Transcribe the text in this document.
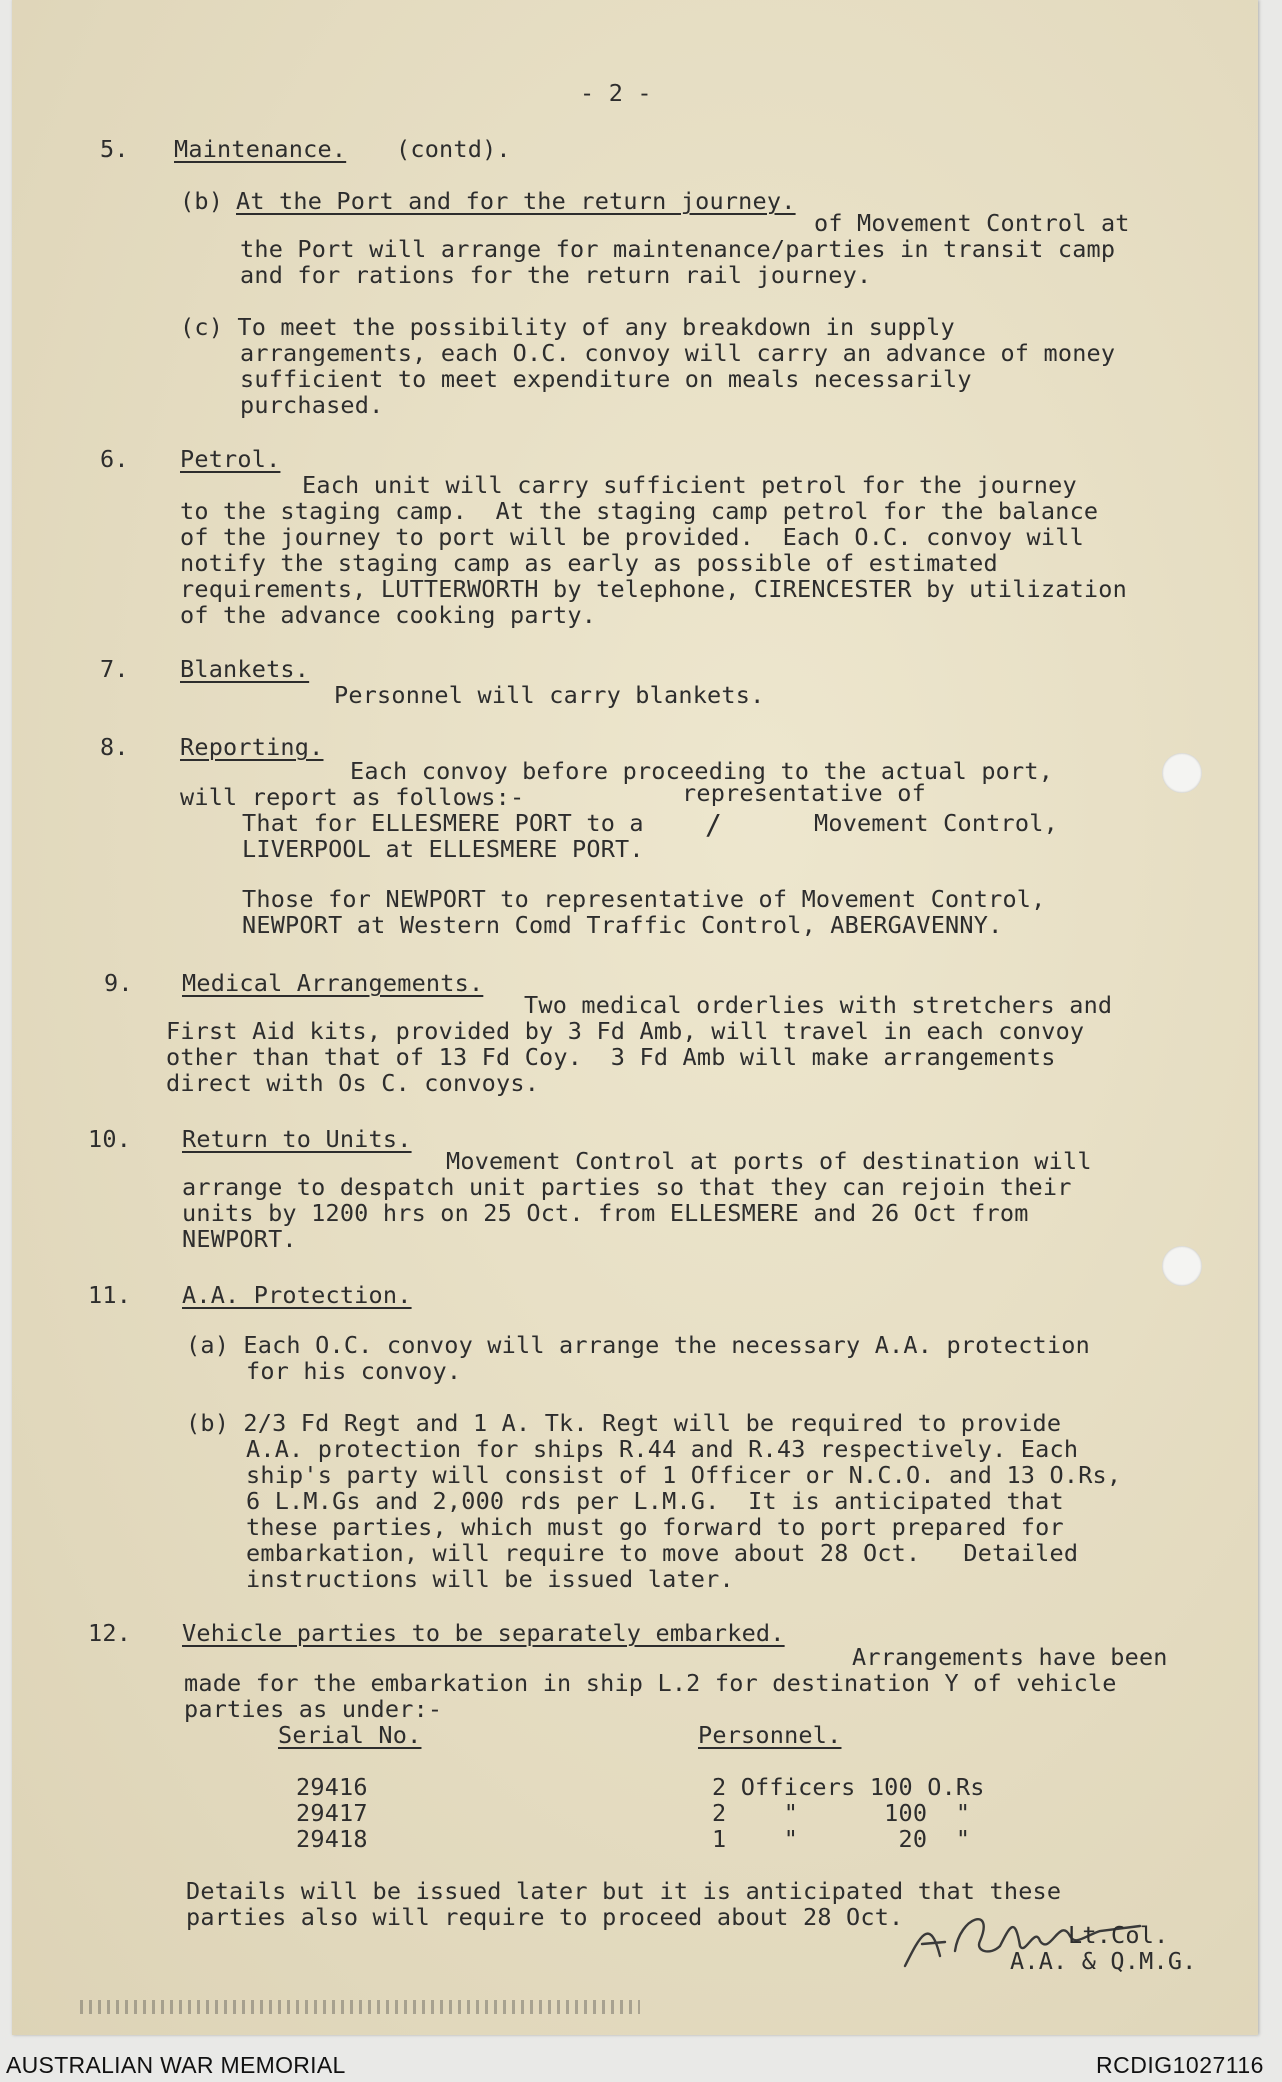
- 2 -
5. Maintenance. (contd).
(b) At the Port and for the return journey.
of Movement Control at
the Port will arrange for maintenance/parties in transit camp
and for rations for the return rail journey.
(c) To meet the possibility of any breakdown in supply
arrangements, each O.C. convoy will carry an advance of money
sufficient to meet expenditure on meals necessarily
purchased.
6. Petrol.
Each unit will carry sufficient petrol for the journey
to the staging camp.  At the staging camp petrol for the balance
of the journey to port will be provided.  Each O.C. convoy will
notify the staging camp as early as possible of estimated
requirements, LUTTERWORTH by telephone, CIRENCESTER by utilization
of the advance cooking party.
7. Blankets.
Personnel will carry blankets.
8. Reporting.
Each convoy before proceeding to the actual port,
will report as follows:-	representative of
That for ELLESMERE PORT to a /	Movement Control,
LIVERPOOL at ELLESMERE PORT.
Those for NEWPORT to representative of Movement Control,
NEWPORT at Western Comd Traffic Control, ABERGAVENNY.
9. Medical Arrangements.
Two medical orderlies with stretchers and
First Aid kits, provided by 3 Fd Amb, will travel in each convoy
other than that of 13 Fd Coy.  3 Fd Amb will make arrangements
direct with Os C. convoys.
10. Return to Units.
Movement Control at ports of destination will
arrange to despatch unit parties so that they can rejoin their
units by 1200 hrs on 25 Oct. from ELLESMERE and 26 Oct from
NEWPORT.
11. A.A. Protection.
(a) Each O.C. convoy will arrange the necessary A.A. protection
for his convoy.
(b) 2/3 Fd Regt and 1 A. Tk. Regt will be required to provide
A.A. protection for ships R.44 and R.43 respectively. Each
ship's party will consist of 1 Officer or N.C.O. and 13 O.Rs,
6 L.M.Gs and 2,000 rds per L.M.G.  It is anticipated that
these parties, which must go forward to port prepared for
embarkation, will require to move about 28 Oct.   Detailed
instructions will be issued later.
12. Vehicle parties to be separately embarked.
Arrangements have been
made for the embarkation in ship L.2 for destination Y of vehicle
parties as under:-
Serial No.	Personnel.
29416	2 Officers 100 O.Rs
29417	2    "      100  "
29418	1    "       20  "
Details will be issued later but it is anticipated that these
parties also will require to proceed about 28 Oct.
Lt.Col.
A.A. & Q.M.G.
AUSTRALIAN WAR MEMORIAL	RCDIG1027116
